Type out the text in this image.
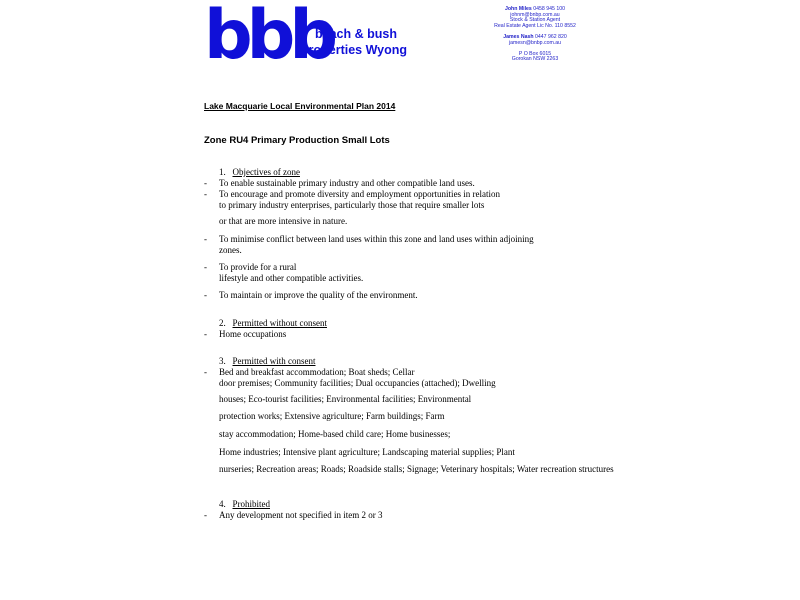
bbb
beach & bush
properties Wyong
John Miles 0458 945 100
johnm@bnbp.com.au
Stock & Station Agent
Real Estate Agent Lic No. 110 8552
James Nash 0447 962 820
jamesn@bnbp.com.au
P O Box 6015
Gorokan NSW 2263
Lake Macquarie Local Environmental Plan 2014
Zone RU4 Primary Production Small Lots
1. Objectives of zone
- To enable sustainable primary industry and other compatible land uses.
- To encourage and promote diversity and employment opportunities in relation
to primary industry enterprises, particularly those that require smaller lots
or that are more intensive in nature.
- To minimise conflict between land uses within this zone and land uses within adjoining
zones.
- To provide for a rural
lifestyle and other compatible activities.
- To maintain or improve the quality of the environment.
2. Permitted without consent
- Home occupations
3. Permitted with consent
- Bed and breakfast accommodation; Boat sheds; Cellar
door premises; Community facilities; Dual occupancies (attached); Dwelling
houses; Eco-tourist facilities; Environmental facilities; Environmental
protection works; Extensive agriculture; Farm buildings; Farm
stay accommodation; Home-based child care; Home businesses;
Home industries; Intensive plant agriculture; Landscaping material supplies; Plant
nurseries; Recreation areas; Roads; Roadside stalls; Signage; Veterinary hospitals; Water recreation structures
4. Prohibited
- Any development not specified in item 2 or 3
